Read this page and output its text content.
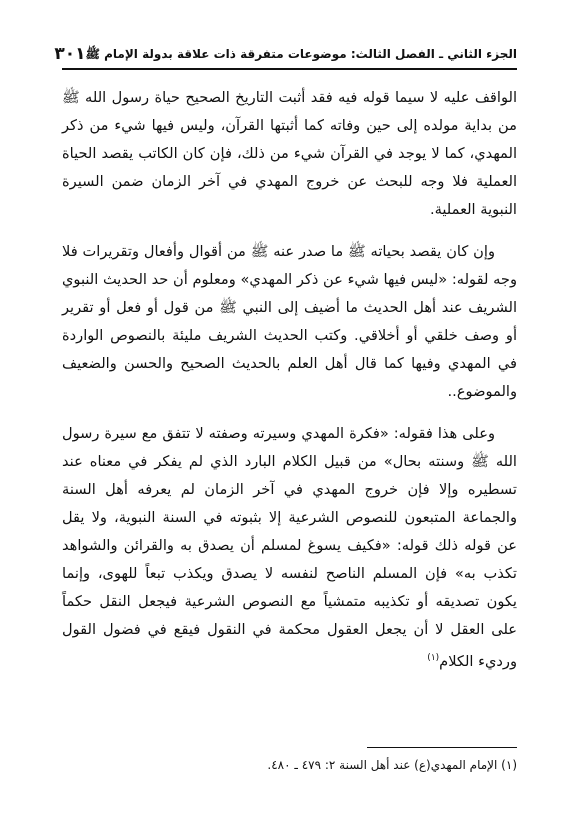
الجزء الثاني ـ الفصل الثالث: موضوعات متفرقة ذات علاقة بدولة الإمام ﷺ
٣٠١

الواقف عليه لا سيما قوله فيه فقد أثبت التاريخ الصحيح حياة رسول الله ﷺ من بداية مولده إلى حين وفاته كما أثبتها القرآن، وليس فيها شيء من ذكر المهدي، كما لا يوجد في القرآن شيء من ذلك، فإن كان الكاتب يقصد الحياة العملية فلا وجه للبحث عن خروج المهدي في آخر الزمان ضمن السيرة النبوية العملية.

وإن كان يقصد بحياته ﷺ ما صدر عنه ﷺ من أقوال وأفعال وتقريرات فلا وجه لقوله: «ليس فيها شيء عن ذكر المهدي» ومعلوم أن حد الحديث النبوي الشريف عند أهل الحديث ما أضيف إلى النبي ﷺ من قول أو فعل أو تقرير أو وصف خلقي أو أخلاقي. وكتب الحديث الشريف مليئة بالنصوص الواردة في المهدي وفيها كما قال أهل العلم بالحديث الصحيح والحسن والضعيف والموضوع..

وعلى هذا فقوله: «فكرة المهدي وسيرته وصفته لا تتفق مع سيرة رسول الله ﷺ وسنته بحال» من قبيل الكلام البارد الذي لم يفكر في معناه عند تسطيره وإلا فإن خروج المهدي في آخر الزمان لم يعرفه أهل السنة والجماعة المتبعون للنصوص الشرعية إلا بثبوته في السنة النبوية، ولا يقل عن قوله ذلك قوله: «فكيف يسوغ لمسلم أن يصدق به والقرائن والشواهد تكذب به» فإن المسلم الناصح لنفسه لا يصدق ويكذب تبعاً للهوى، وإنما يكون تصديقه أو تكذيبه متمشياً مع النصوص الشرعية فيجعل النقل حكماً على العقل لا أن يجعل العقول محكمة في النقول فيقع في فضول القول ورديء الكلام$^{(١)}$

(١) الإمام المهدي(ع) عند أهل السنة ٢: ٤٧٩ ـ ٤٨٠.
